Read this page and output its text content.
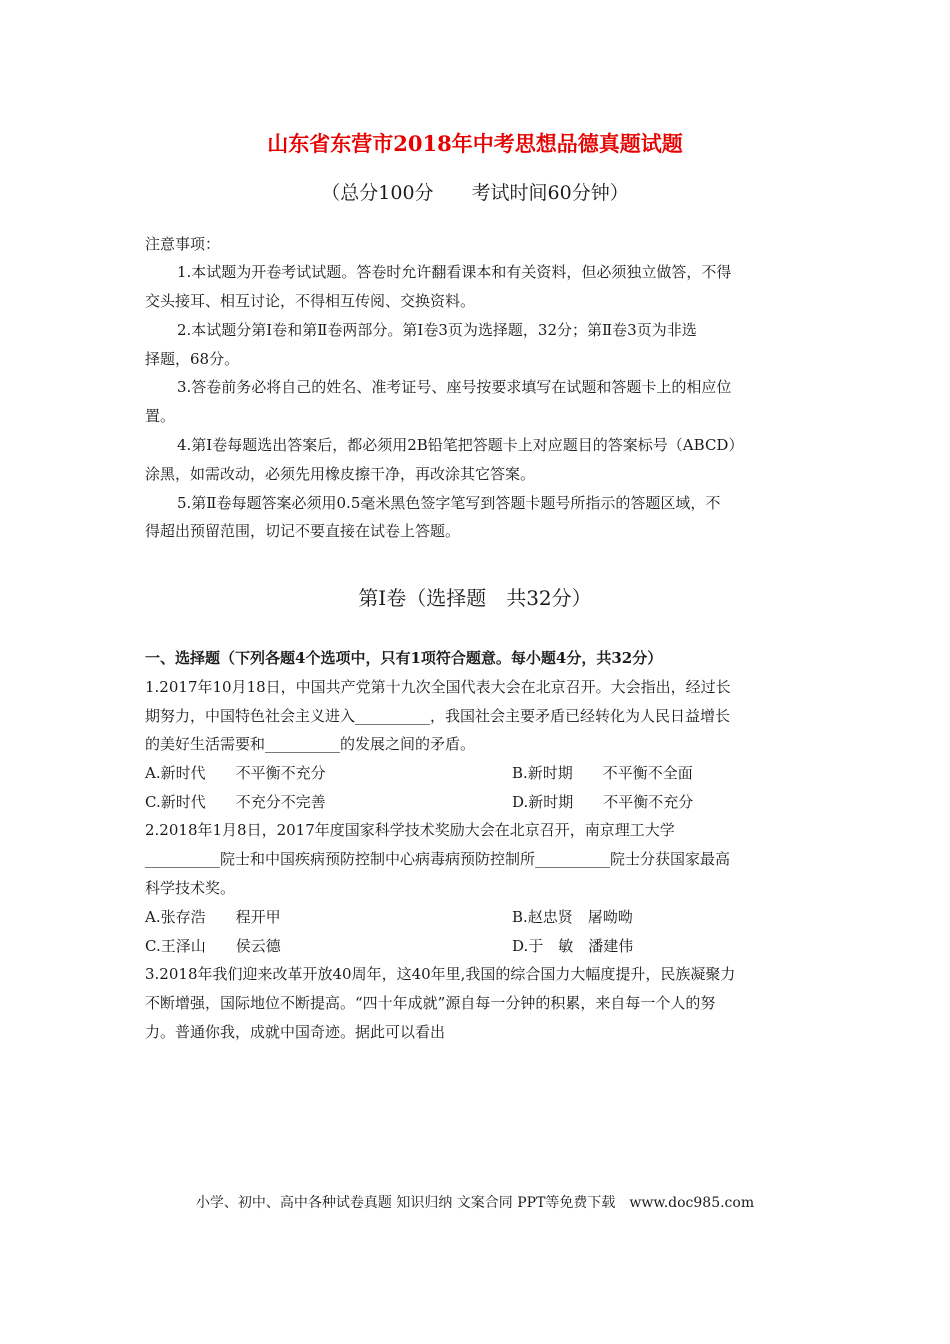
山东省东营市2018年中考思想品德真题试题
（总分100分　　考试时间60分钟）
注意事项：
1.本试题为开卷考试试题。答卷时允许翻看课本和有关资料，但必须独立做答，不得
交头接耳、相互讨论，不得相互传阅、交换资料。
2.本试题分第Ⅰ卷和第Ⅱ卷两部分。第Ⅰ卷3页为选择题，32分；第Ⅱ卷3页为非选
择题，68分。
3.答卷前务必将自己的姓名、准考证号、座号按要求填写在试题和答题卡上的相应位
置。
4.第Ⅰ卷每题选出答案后，都必须用2B铅笔把答题卡上对应题目的答案标号（ABCD）
涂黑，如需改动，必须先用橡皮擦干净，再改涂其它答案。
5.第Ⅱ卷每题答案必须用0.5毫米黑色签字笔写到答题卡题号所指示的答题区域，不
得超出预留范围，切记不要直接在试卷上答题。
第Ⅰ卷（选择题　共32分）
一、选择题（下列各题4个选项中，只有1项符合题意。每小题4分，共32分）
1.2017年10月18日，中国共产党第十九次全国代表大会在北京召开。大会指出，经过长
期努力，中国特色社会主义进入__________，我国社会主要矛盾已经转化为人民日益增长
的美好生活需要和__________的发展之间的矛盾。
A.新时代　　不平衡不充分	B.新时期　　不平衡不全面
C.新时代　　不充分不完善	D.新时期　　不平衡不充分
2.2018年1月8日，2017年度国家科学技术奖励大会在北京召开，南京理工大学
__________院士和中国疾病预防控制中心病毒病预防控制所__________院士分获国家最高
科学技术奖。
A.张存浩　　程开甲	B.赵忠贤　屠呦呦
C.王泽山　　侯云德	D.于　敏　潘建伟
3.2018年我们迎来改革开放40周年，这40年里,我国的综合国力大幅度提升，民族凝聚力
不断增强，国际地位不断提高。“四十年成就”源自每一分钟的积累，来自每一个人的努
力。普通你我，成就中国奇迹。据此可以看出
小学、初中、高中各种试卷真题 知识归纳 文案合同 PPT等免费下载　www.doc985.com
